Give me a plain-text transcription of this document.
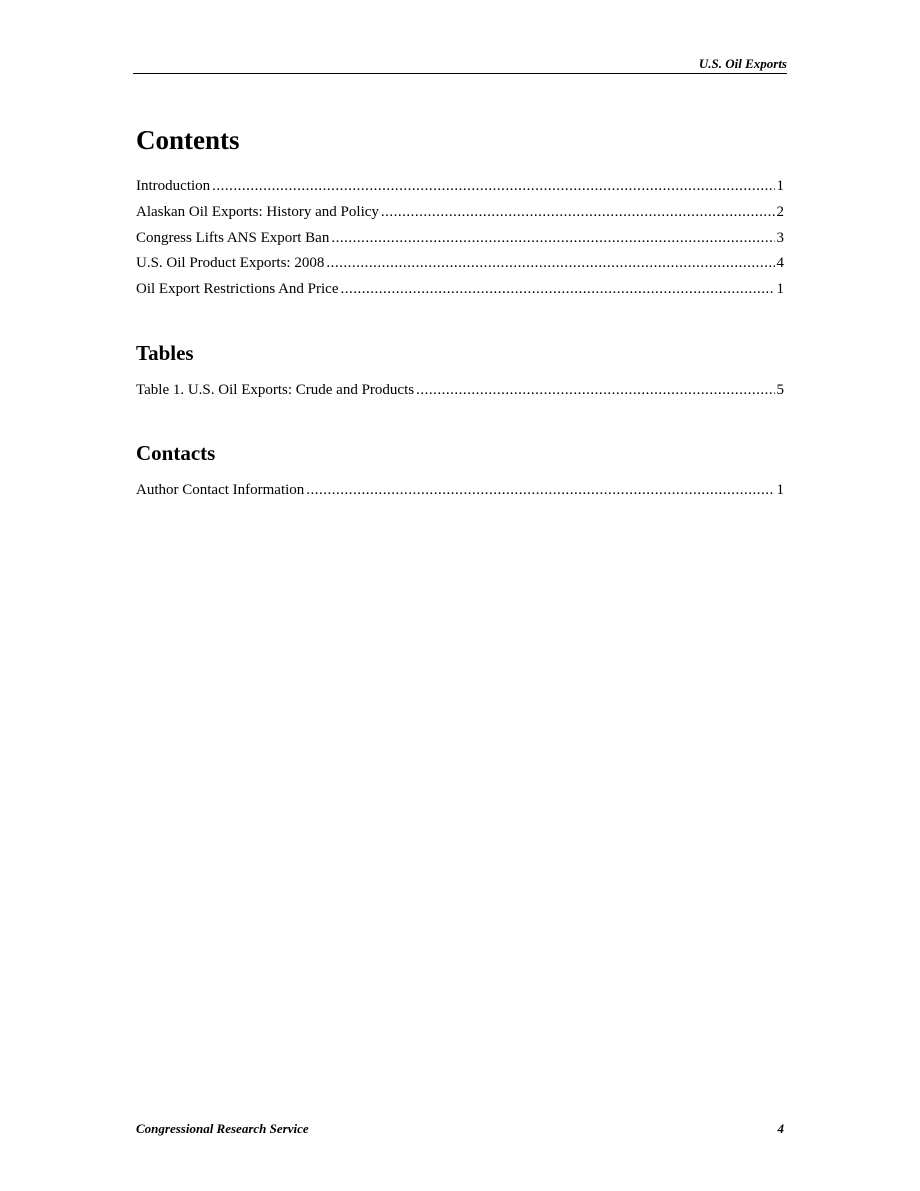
U.S. Oil Exports
Contents
Introduction .....	1
Alaskan Oil Exports: History and Policy .....	2
Congress Lifts ANS Export Ban .....	3
U.S. Oil Product Exports: 2008 .....	4
Oil Export Restrictions And Price .....	1
Tables
Table 1. U.S. Oil Exports: Crude and Products .....	5
Contacts
Author Contact Information .....	1
Congressional Research Service	4
